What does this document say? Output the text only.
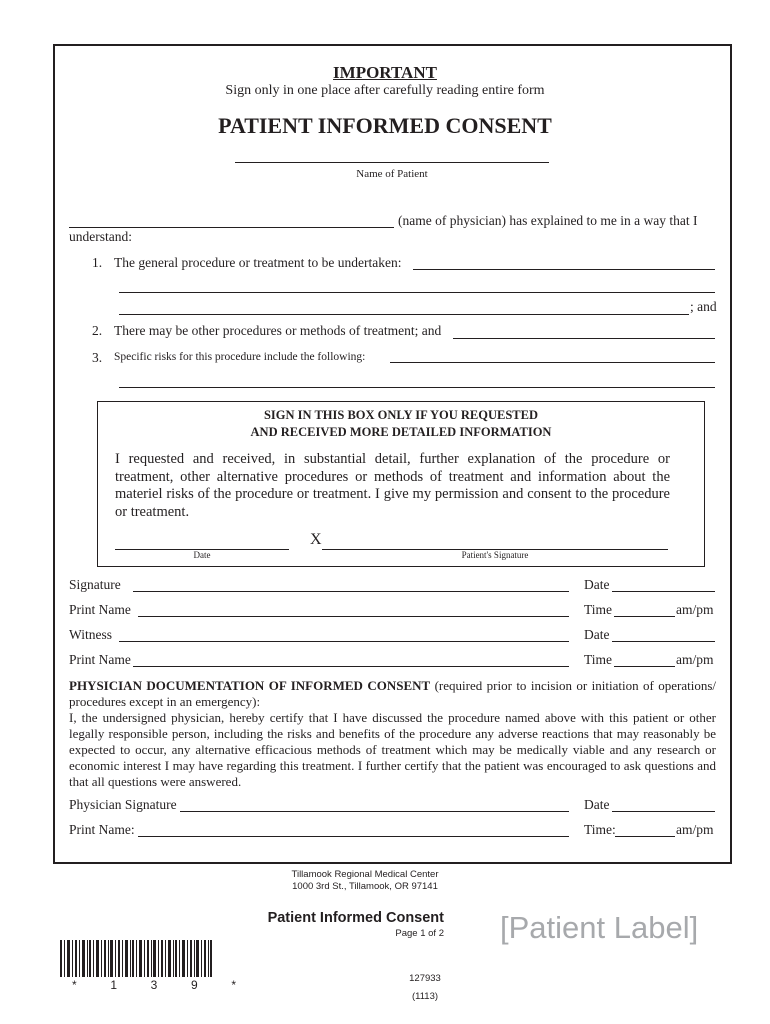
IMPORTANT
Sign only in one place after carefully reading entire form
PATIENT INFORMED CONSENT
Name of Patient
(name of physician) has explained to me in a way that I
understand:
1. The general procedure or treatment to be undertaken:
; and
2. There may be other procedures or methods of treatment; and
3. Specific risks for this procedure include the following:
SIGN IN THIS BOX ONLY IF YOU REQUESTED
AND RECEIVED MORE DETAILED INFORMATION
I requested and received, in substantial detail, further explanation of the procedure or treatment, other alternative procedures or methods of treatment and information about the materiel risks of the procedure or treatment. I give my permission and consent to the procedure or treatment.
X
Date	Patient's Signature
Signature	Date
Print Name	Time	am/pm
Witness	Date
Print Name	Time	am/pm
PHYSICIAN DOCUMENTATION OF INFORMED CONSENT (required prior to incision or initiation of operations/ procedures except in an emergency):
I, the undersigned physician, hereby certify that I have discussed the procedure named above with this patient or other legally responsible person, including the risks and benefits of the procedure any adverse reactions that may reasonably be expected to occur, any alternative efficacious methods of treatment which may be medically viable and any research or economic interest I may have regarding this treatment. I further certify that the patient was encouraged to ask questions and that all questions were answered.
Physician Signature	Date
Print Name:	Time:	am/pm
Tillamook Regional Medical Center
1000 3rd St., Tillamook, OR 97141
Patient Informed Consent
Page 1 of 2 [Patient Label]
*  1  3  9  *	127933
(1113)
